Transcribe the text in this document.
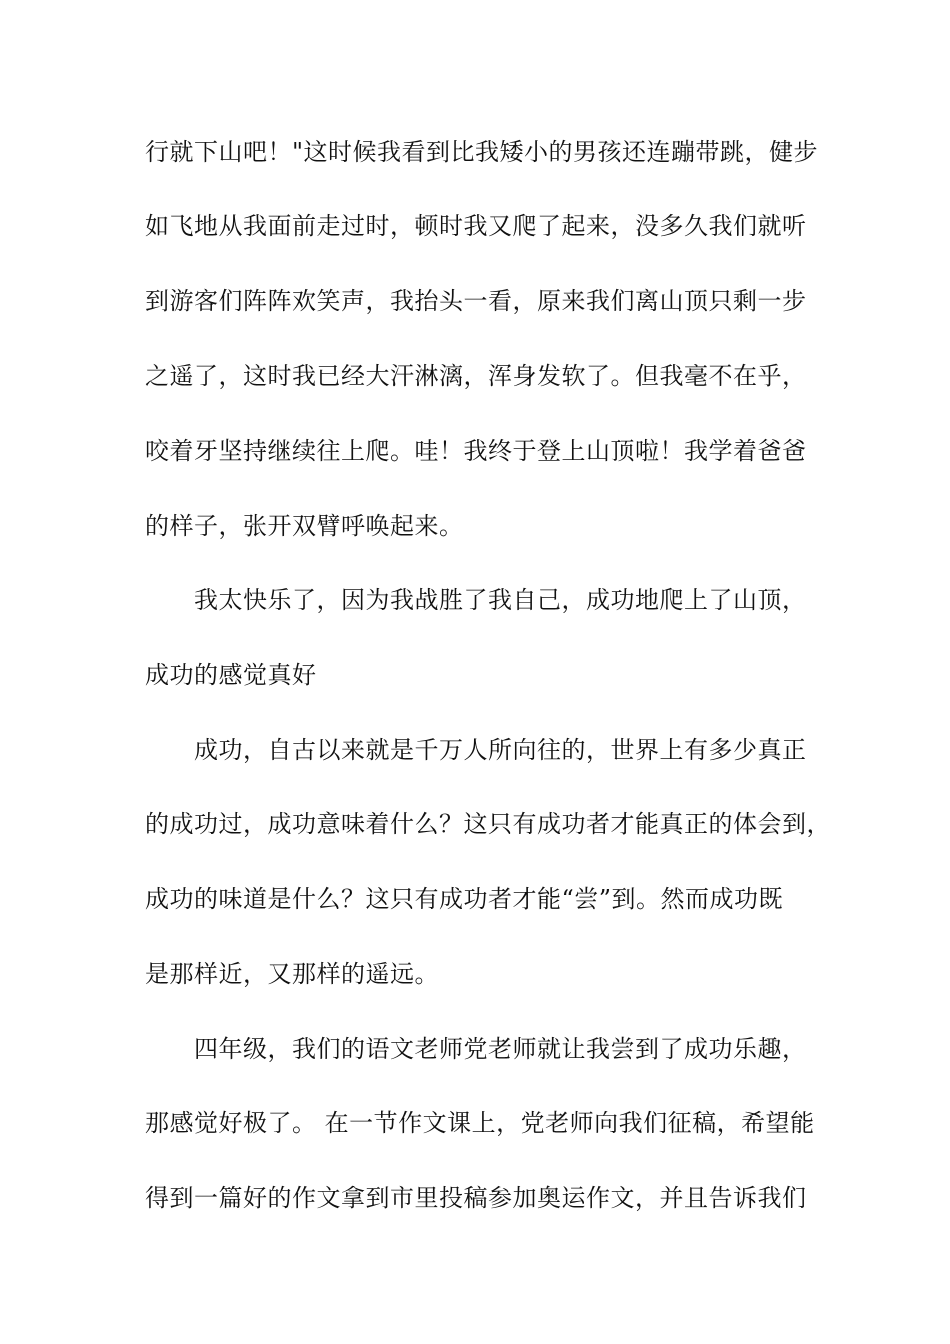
行就下山吧！"这时候我看到比我矮小的男孩还连蹦带跳，健步
如飞地从我面前走过时，顿时我又爬了起来，没多久我们就听
到游客们阵阵欢笑声，我抬头一看，原来我们离山顶只剩一步
之遥了，这时我已经大汗淋漓，浑身发软了。但我毫不在乎，
咬着牙坚持继续往上爬。哇！我终于登上山顶啦！我学着爸爸
的样子，张开双臂呼唤起来。
我太快乐了，因为我战胜了我自己，成功地爬上了山顶，
成功的感觉真好
成功，自古以来就是千万人所向往的，世界上有多少真正
的成功过，成功意味着什么？这只有成功者才能真正的体会到，
成功的味道是什么？这只有成功者才能“尝”到。然而成功既
是那样近，又那样的遥远。
四年级，我们的语文老师党老师就让我尝到了成功乐趣，
那感觉好极了。 在一节作文课上，党老师向我们征稿，希望能
得到一篇好的作文拿到市里投稿参加奥运作文，并且告诉我们
